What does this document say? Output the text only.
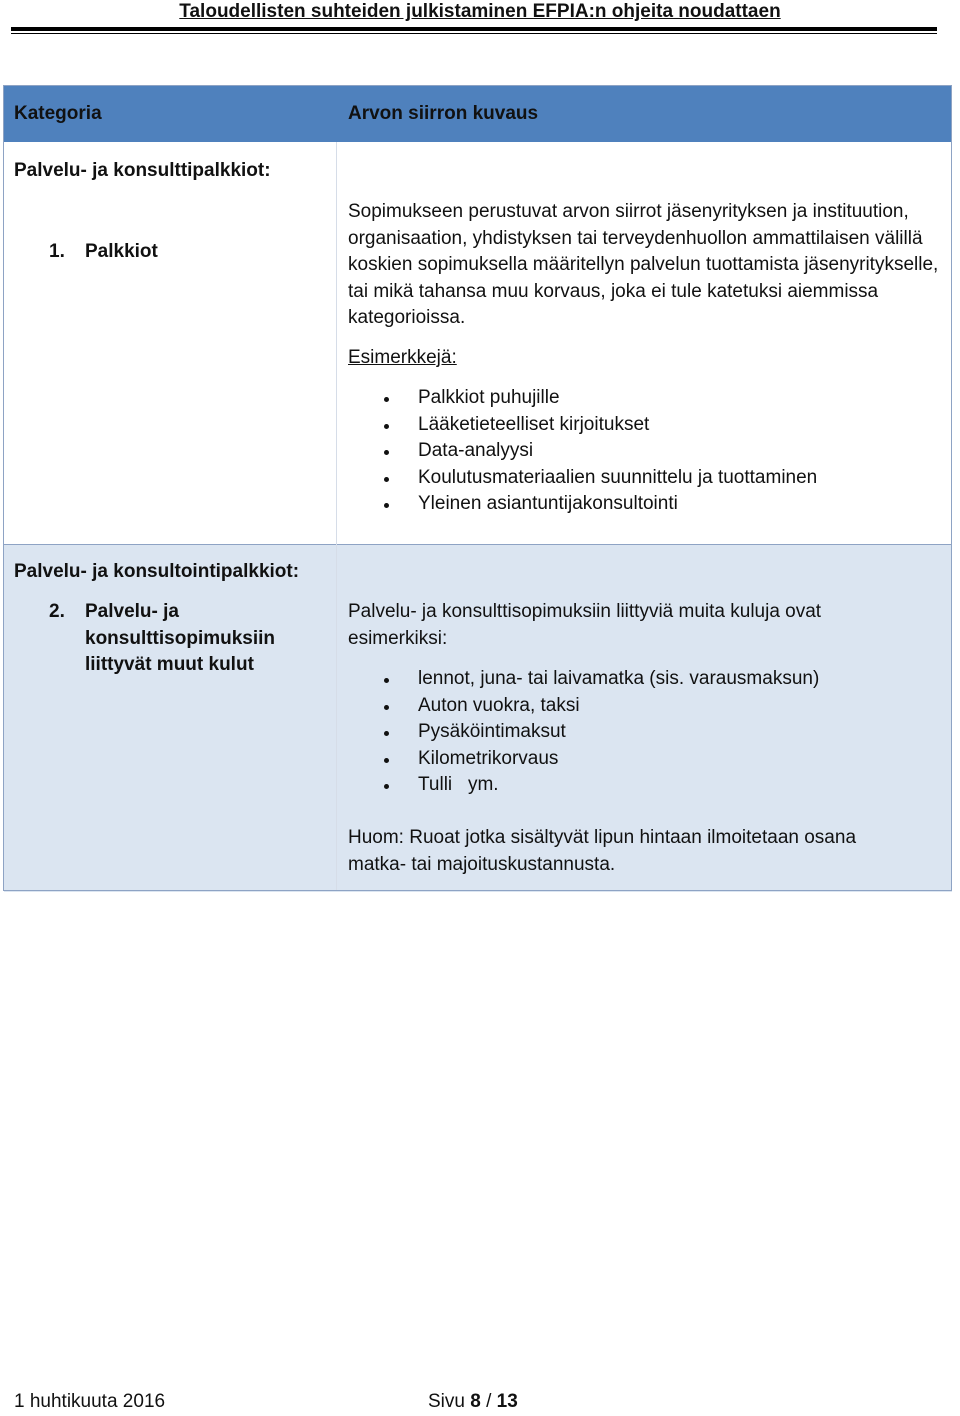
Taloudellisten suhteiden julkistaminen EFPIA:n ohjeita noudattaen
Kategoria	Arvon siirron kuvaus
Palvelu- ja konsulttipalkkiot:
1. Palkkiot
Sopimukseen perustuvat arvon siirrot jäsenyrityksen ja instituution, organisaation, yhdistyksen tai terveydenhuollon ammattilaisen välillä koskien sopimuksella määritellyn palvelun tuottamista jäsenyritykselle, tai mikä tahansa muu korvaus, joka ei tule katetuksi aiemmissa kategorioissa.
Esimerkkejä:
Palkkiot puhujille
Lääketieteelliset kirjoitukset
Data-analyysi
Koulutusmateriaalien suunnittelu ja tuottaminen
Yleinen asiantuntijakonsultointi
Palvelu- ja konsultointipalkkiot:
2. Palvelu- ja konsulttisopimuksiin liittyvät muut kulut
Palvelu- ja konsulttisopimuksiin liittyviä muita kuluja ovat esimerkiksi:
lennot, juna- tai laivamatka (sis. varausmaksun)
Auton vuokra, taksi
Pysäköintimaksut
Kilometrikorvaus
Tulli   ym.
Huom: Ruoat jotka sisältyvät lipun hintaan ilmoitetaan osana matka- tai majoituskustannusta.
1 huhtikuuta 2016	Sivu 8 / 13
